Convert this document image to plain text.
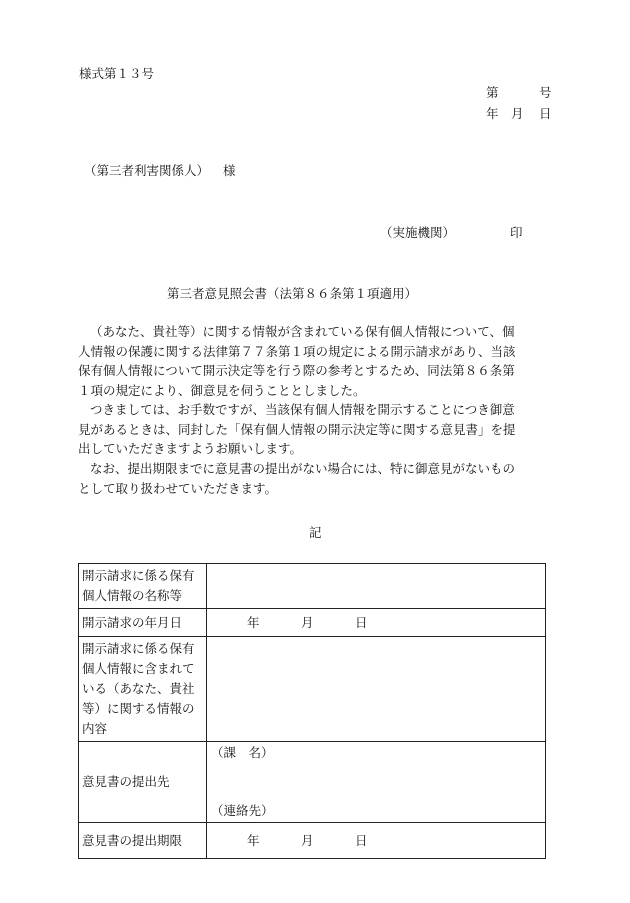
様式第１３号
第	号
年 月 日
（第三者利害関係人） 様
（実施機関）	印
第三者意見照会書（法第８６条第１項適用）
（あなた、貴社等）に関する情報が含まれている保有個人情報について、個
人情報の保護に関する法律第７７条第１項の規定による開示請求があり、当該
保有個人情報について開示決定等を行う際の参考とするため、同法第８６条第
１項の規定により、御意見を伺うこととしました。
つきましては、お手数ですが、当該保有個人情報を開示することにつき御意
見があるときは、同封した「保有個人情報の開示決定等に関する意見書」を提
出していただきますようお願いします。
なお、提出期限までに意見書の提出がない場合には、特に御意見がないもの
として取り扱わせていただきます。
記
開示請求に係る保有
個人情報の名称等	

開示請求の年月日	年 月 日

開示請求に係る保有
個人情報に含まれて
いる（あなた、貴社
等）に関する情報の
内容	

意見書の提出先	（課　名）
（連絡先）

意見書の提出期限	年 月 日
